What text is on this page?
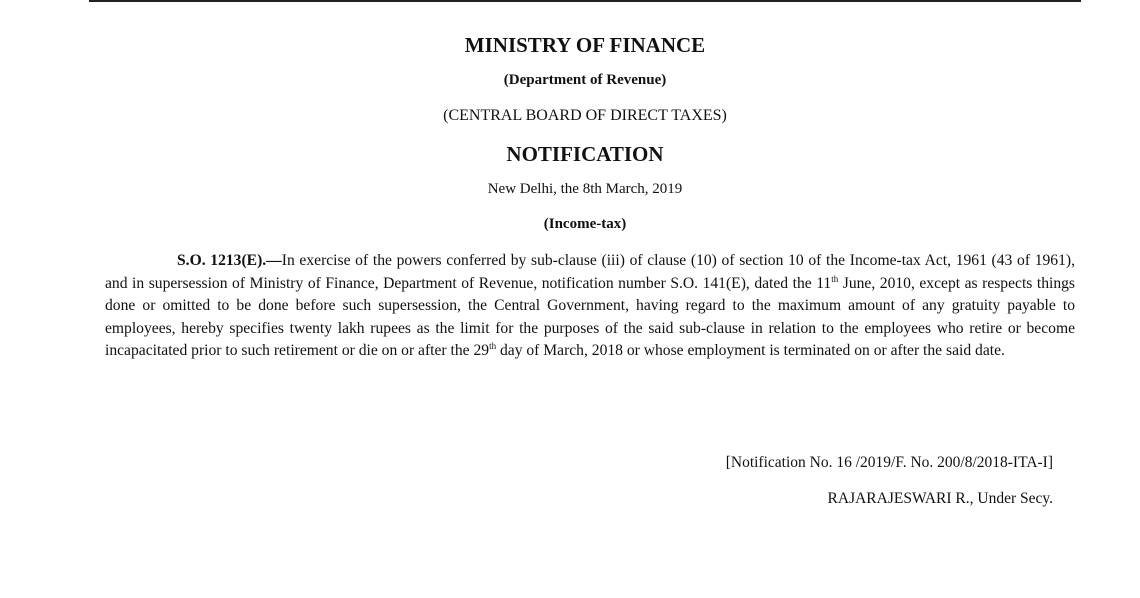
MINISTRY OF FINANCE
(Department of Revenue)
(CENTRAL BOARD OF DIRECT TAXES)
NOTIFICATION
New Delhi, the 8th March, 2019
(Income-tax)

S.O. 1213(E).—In exercise of the powers conferred by sub-clause (iii) of clause (10) of section 10 of the Income-tax Act, 1961 (43 of 1961), and in supersession of Ministry of Finance, Department of Revenue, notification number S.O. 141(E), dated the 11th June, 2010, except as respects things done or omitted to be done before such supersession, the Central Government, having regard to the maximum amount of any gratuity payable to employees, hereby specifies twenty lakh rupees as the limit for the purposes of the said sub-clause in relation to the employees who retire or become incapacitated prior to such retirement or die on or after the 29th day of March, 2018 or whose employment is terminated on or after the said date.

[Notification No. 16 /2019/F. No. 200/8/2018-ITA-I]
RAJARAJESWARI R., Under Secy.
